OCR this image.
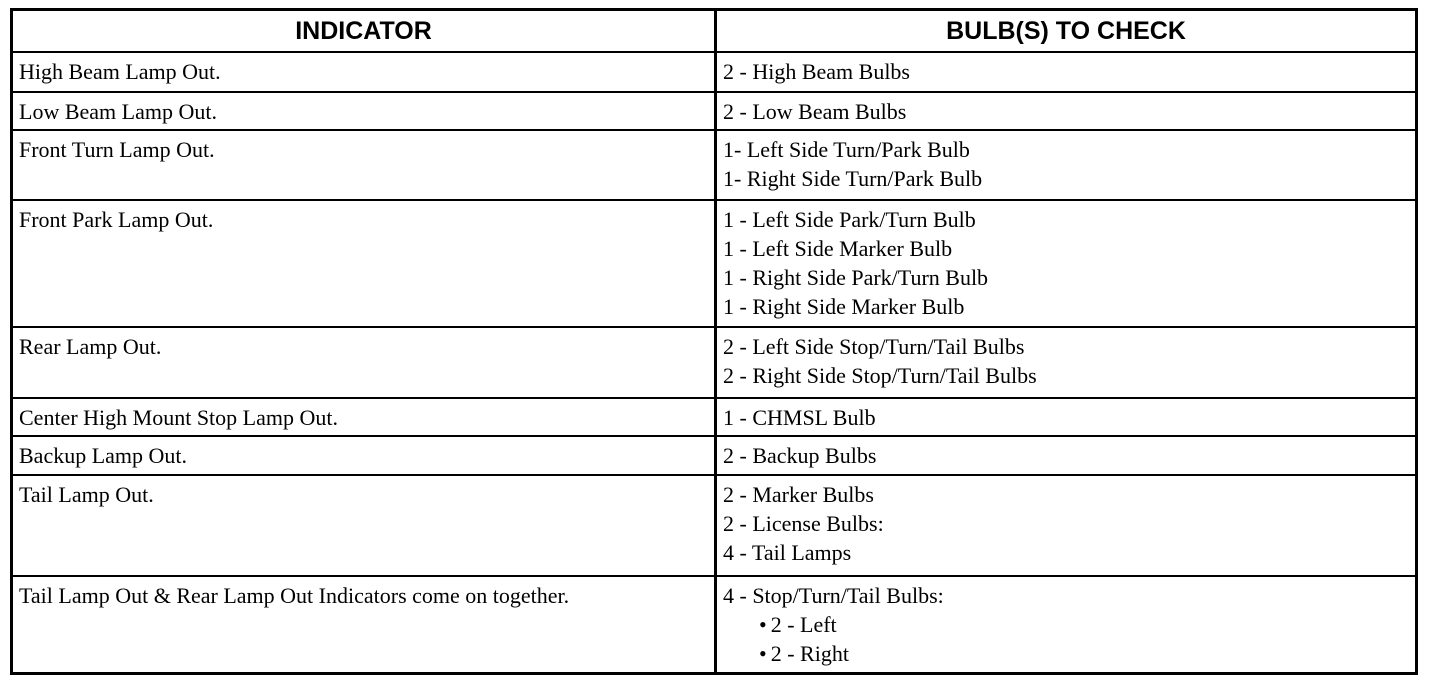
INDICATOR	BULB(S) TO CHECK
High Beam Lamp Out.	2 - High Beam Bulbs
Low Beam Lamp Out.	2 - Low Beam Bulbs
Front Turn Lamp Out.	1- Left Side Turn/Park Bulb
1- Right Side Turn/Park Bulb
Front Park Lamp Out.	1 - Left Side Park/Turn Bulb
1 - Left Side Marker Bulb
1 - Right Side Park/Turn Bulb
1 - Right Side Marker Bulb
Rear Lamp Out.	2 - Left Side Stop/Turn/Tail Bulbs
2 - Right Side Stop/Turn/Tail Bulbs
Center High Mount Stop Lamp Out.	1 - CHMSL Bulb
Backup Lamp Out.	2 - Backup Bulbs
Tail Lamp Out.	2 - Marker Bulbs
2 - License Bulbs:
4 - Tail Lamps
Tail Lamp Out & Rear Lamp Out Indicators come on together.	4 - Stop/Turn/Tail Bulbs:
• 2 - Left
• 2 - Right
